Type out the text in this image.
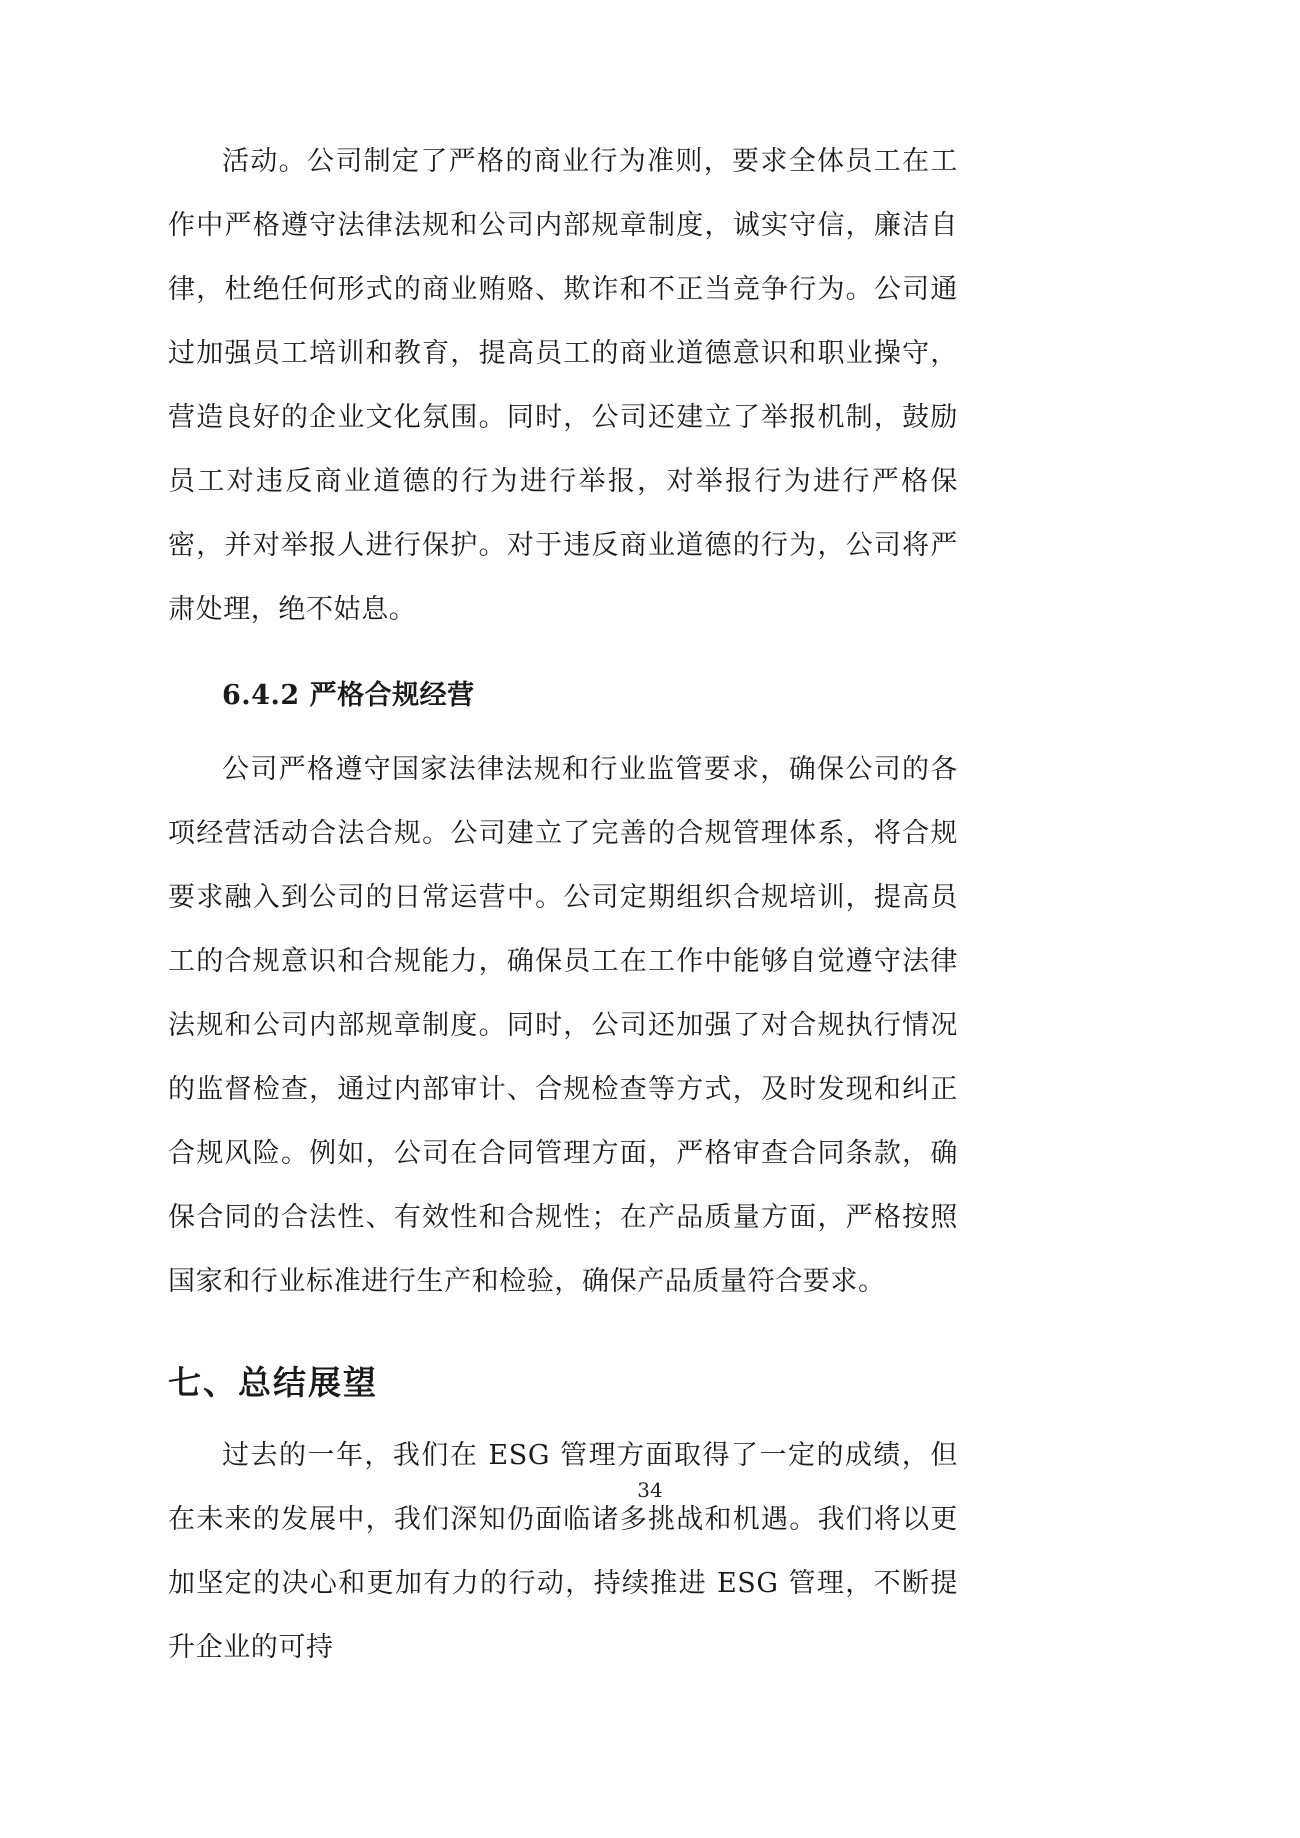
活动。公司制定了严格的商业行为准则，要求全体员工在工作中严格遵守法律法规和公司内部规章制度，诚实守信，廉洁自律，杜绝任何形式的商业贿赂、欺诈和不正当竞争行为。公司通过加强员工培训和教育，提高员工的商业道德意识和职业操守，营造良好的企业文化氛围。同时，公司还建立了举报机制，鼓励员工对违反商业道德的行为进行举报，对举报行为进行严格保密，并对举报人进行保护。对于违反商业道德的行为，公司将严肃处理，绝不姑息。

6.4.2 严格合规经营

公司严格遵守国家法律法规和行业监管要求，确保公司的各项经营活动合法合规。公司建立了完善的合规管理体系，将合规要求融入到公司的日常运营中。公司定期组织合规培训，提高员工的合规意识和合规能力，确保员工在工作中能够自觉遵守法律法规和公司内部规章制度。同时，公司还加强了对合规执行情况的监督检查，通过内部审计、合规检查等方式，及时发现和纠正合规风险。例如，公司在合同管理方面，严格审查合同条款，确保合同的合法性、有效性和合规性；在产品质量方面，严格按照国家和行业标准进行生产和检验，确保产品质量符合要求。

七、总结展望

过去的一年，我们在 ESG 管理方面取得了一定的成绩，但在未来的发展中，我们深知仍面临诸多挑战和机遇。我们将以更加坚定的决心和更加有力的行动，持续推进 ESG 管理，不断提升企业的可持

34
